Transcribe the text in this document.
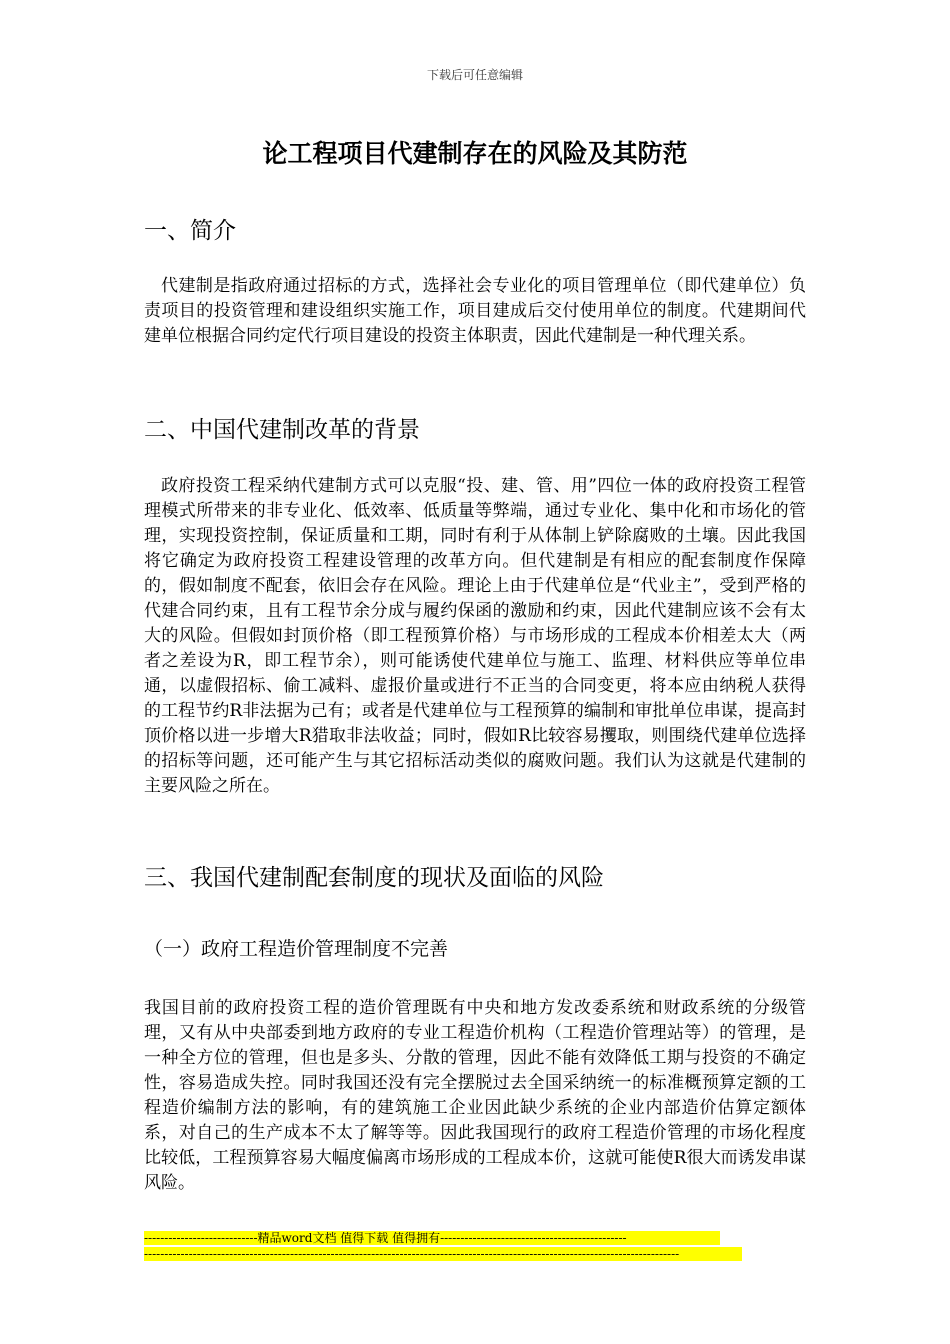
下载后可任意编辑
论工程项目代建制存在的风险及其防范
一、简介

代建制是指政府通过招标的方式，选择社会专业化的项目管理单位（即代建单位）负责项目的投资管理和建设组织实施工作，项目建成后交付使用单位的制度。代建期间代建单位根据合同约定代行项目建设的投资主体职责，因此代建制是一种代理关系。

二、中国代建制改革的背景

政府投资工程采纳代建制方式可以克服“投、建、管、用”四位一体的政府投资工程管理模式所带来的非专业化、低效率、低质量等弊端，通过专业化、集中化和市场化的管理，实现投资控制，保证质量和工期，同时有利于从体制上铲除腐败的土壤。因此我国将它确定为政府投资工程建设管理的改革方向。但代建制是有相应的配套制度作保障的，假如制度不配套，依旧会存在风险。理论上由于代建单位是“代业主”，受到严格的代建合同约束，且有工程节余分成与履约保函的激励和约束，因此代建制应该不会有太大的风险。但假如封顶价格（即工程预算价格）与市场形成的工程成本价相差太大（两者之差设为R，即工程节余），则可能诱使代建单位与施工、监理、材料供应等单位串通，以虚假招标、偷工减料、虚报价量或进行不正当的合同变更，将本应由纳税人获得的工程节约R非法据为己有；或者是代建单位与工程预算的编制和审批单位串谋，提高封顶价格以进一步增大R猎取非法收益；同时，假如R比较容易攫取，则围绕代建单位选择的招标等问题，还可能产生与其它招标活动类似的腐败问题。我们认为这就是代建制的主要风险之所在。

三、我国代建制配套制度的现状及面临的风险
（一）政府工程造价管理制度不完善

我国目前的政府投资工程的造价管理既有中央和地方发改委系统和财政系统的分级管理，又有从中央部委到地方政府的专业工程造价机构（工程造价管理站等）的管理，是一种全方位的管理，但也是多头、分散的管理，因此不能有效降低工期与投资的不确定性，容易造成失控。同时我国还没有完全摆脱过去全国采纳统一的标准概预算定额的工程造价编制方法的影响，有的建筑施工企业因此缺少系统的企业内部造价估算定额体系，对自己的生产成本不太了解等等。因此我国现行的政府工程造价管理的市场化程度比较低，工程预算容易大幅度偏离市场形成的工程成本价，这就可能使R很大而诱发串谋风险。

----------------------------精品word文档 值得下载 值得拥有----------------------------------------------
------------------------------------------------------------------------------------------------------------------------------------
